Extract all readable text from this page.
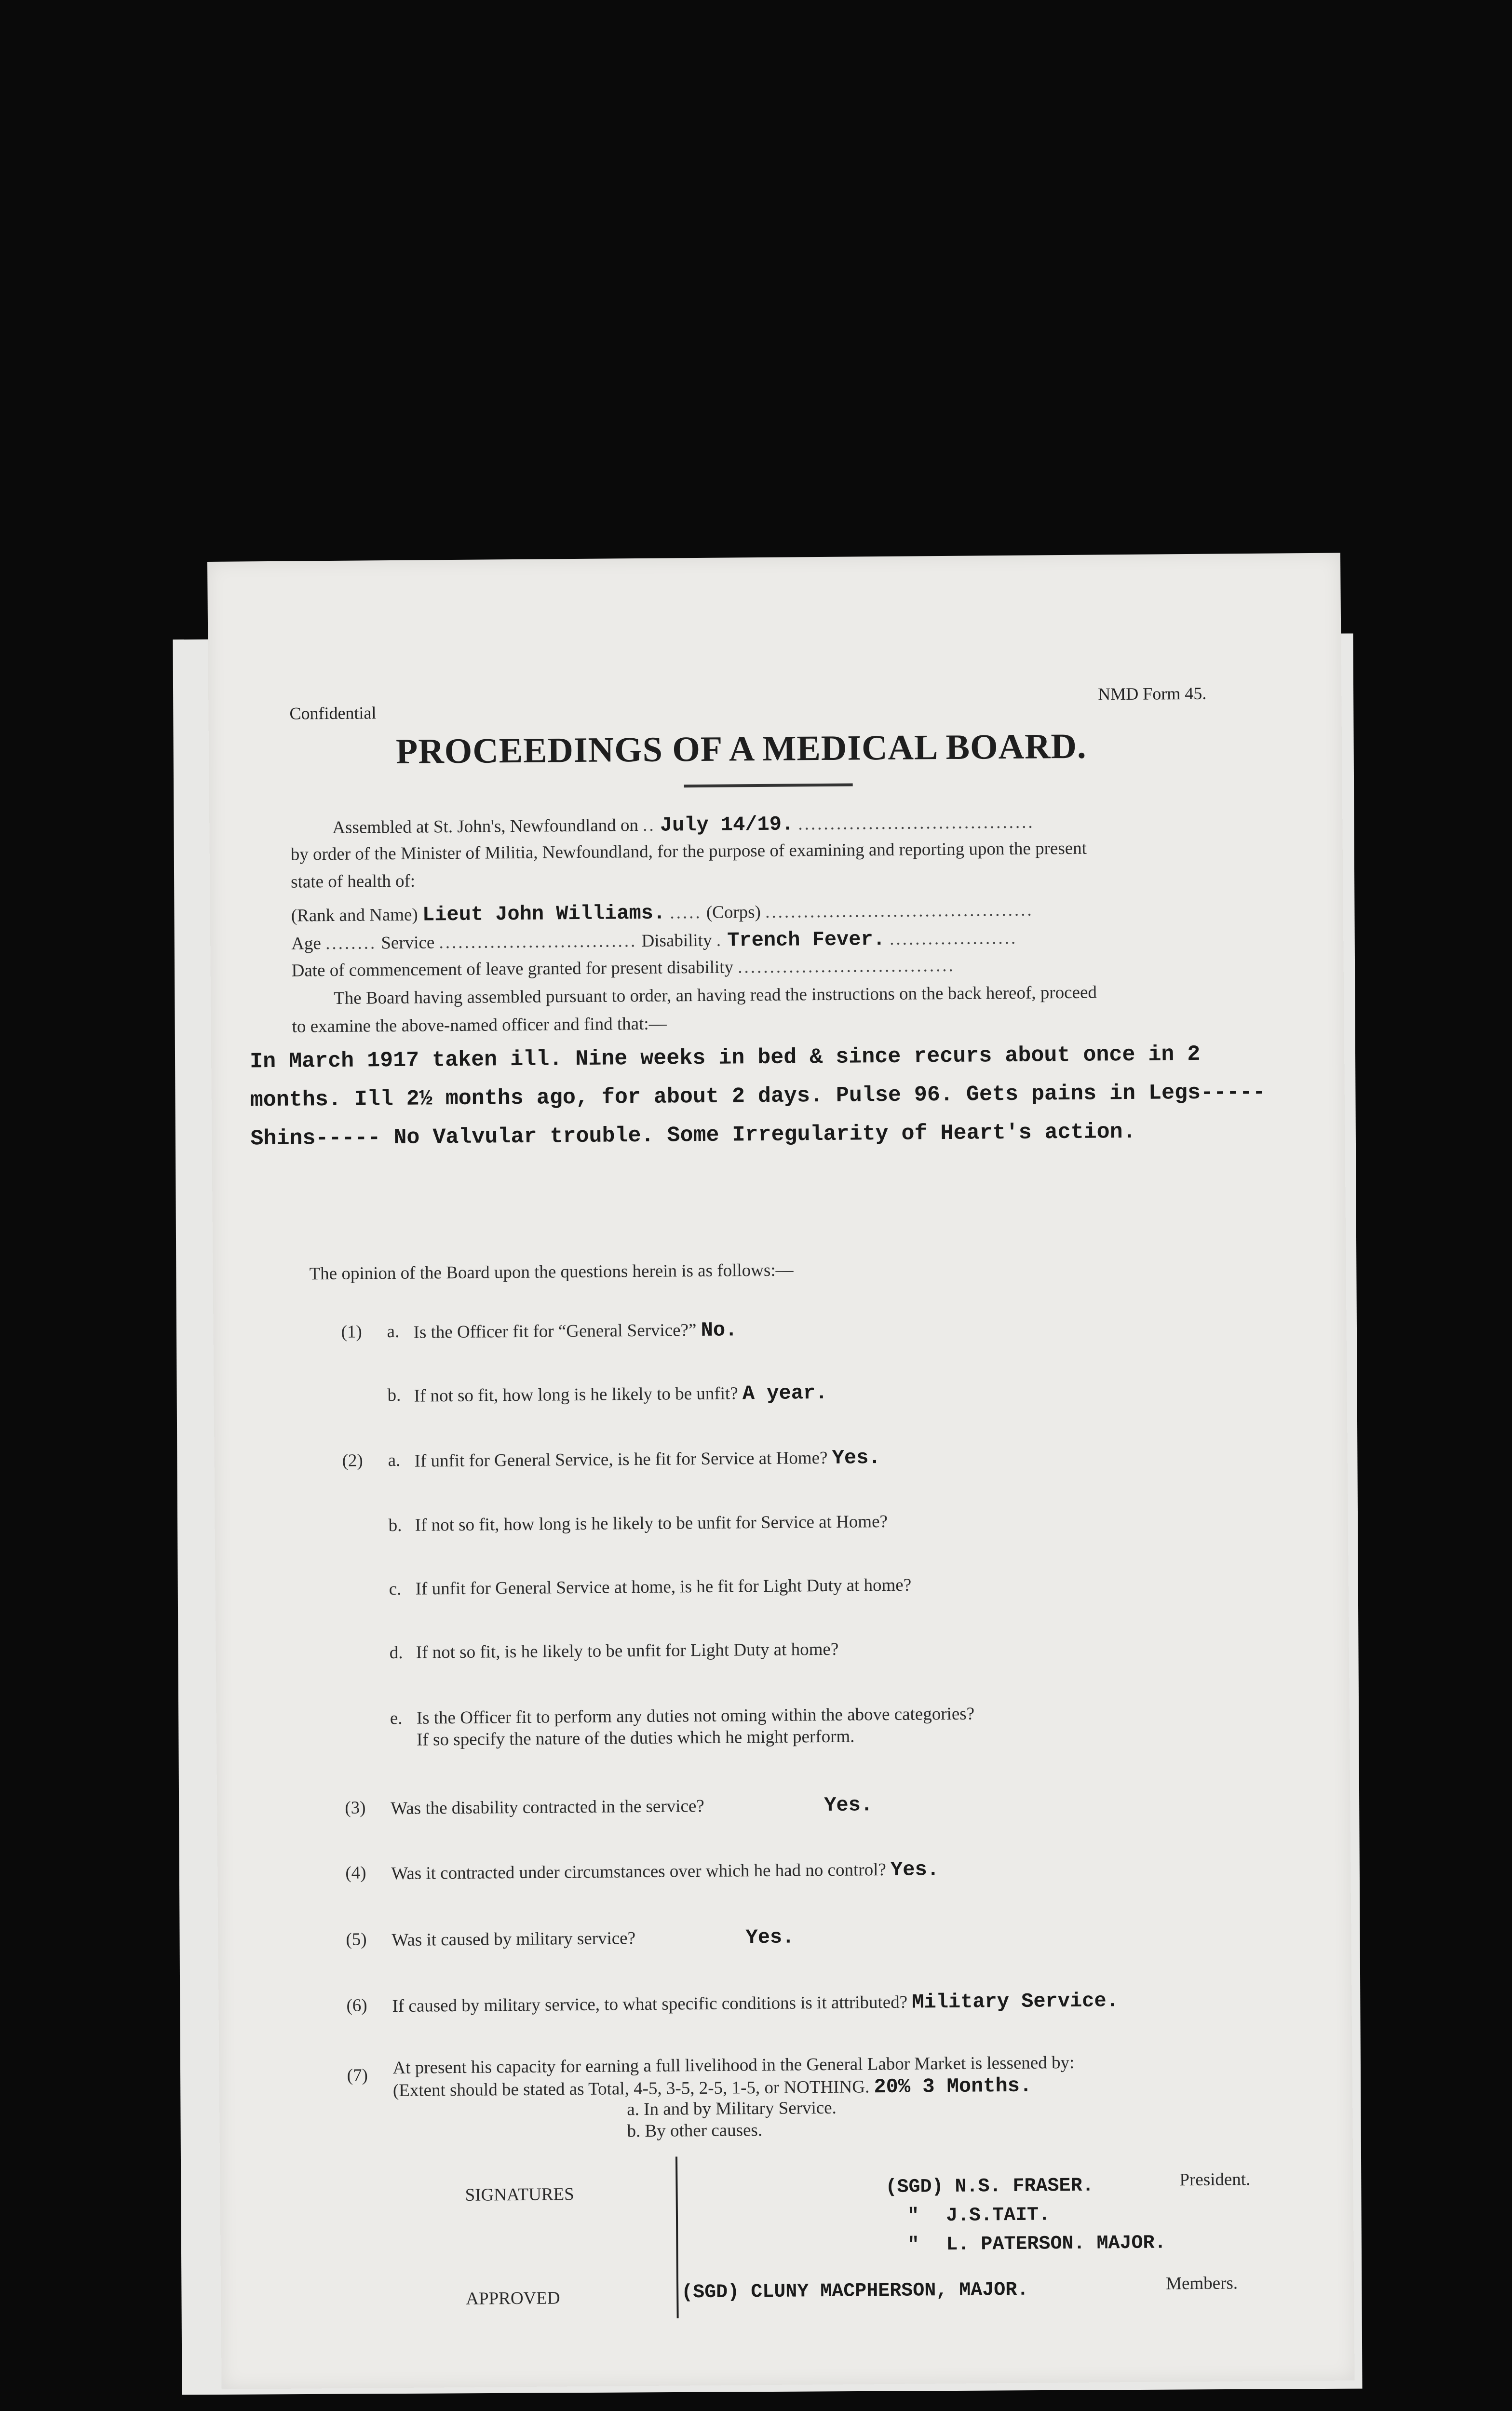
Confidential
NMD Form 45.
PROCEEDINGS OF A MEDICAL BOARD.
Assembled at St. John's, Newfoundland on .. July 14/19. .....................................
by order of the Minister of Militia, Newfoundland, for the purpose of examining and reporting upon the present
state of health of:
(Rank and Name) Lieut John Williams. ..... (Corps) ..........................................
Age ........ Service ............................... Disability . Trench Fever. ....................
Date of commencement of leave granted for present disability ..................................
The Board having assembled pursuant to order, an having read the instructions on the back hereof, proceed
to examine the above-named officer and find that:—
In March 1917 taken ill. Nine weeks in bed & since recurs about once in 2
months. Ill 2½ months ago, for about 2 days. Pulse 96. Gets pains in Legs-----
Shins----- No Valvular trouble. Some Irregularity of Heart's action.
The opinion of the Board upon the questions herein is as follows:—
(1) a. Is the Officer fit for “General Service?” No.
b. If not so fit, how long is he likely to be unfit? A year.
(2) a. If unfit for General Service, is he fit for Service at Home? Yes.
b. If not so fit, how long is he likely to be unfit for Service at Home?
c. If unfit for General Service at home, is he fit for Light Duty at home?
d. If not so fit, is he likely to be unfit for Light Duty at home?
e. Is the Officer fit to perform any duties not oming within the above categories?
If so specify the nature of the duties which he might perform.
(3) Was the disability contracted in the service?	Yes.
(4) Was it contracted under circumstances over which he had no control? Yes.
(5) Was it caused by military service?	Yes.
(6) If caused by military service, to what specific conditions is it attributed? Military Service.
(7) At present his capacity for earning a full livelihood in the General Labor Market is lessened by:
(Extent should be stated as Total, 4-5, 3-5, 2-5, 1-5, or NOTHING. 20% 3 Months.
a. In and by Military Service.
b. By other causes.
SIGNATURES
APPROVED
(SGD) N.S. FRASER.	President.
" J.S.TAIT.
" L. PATERSON. MAJOR.
(SGD) CLUNY MACPHERSON, MAJOR.	Members.
